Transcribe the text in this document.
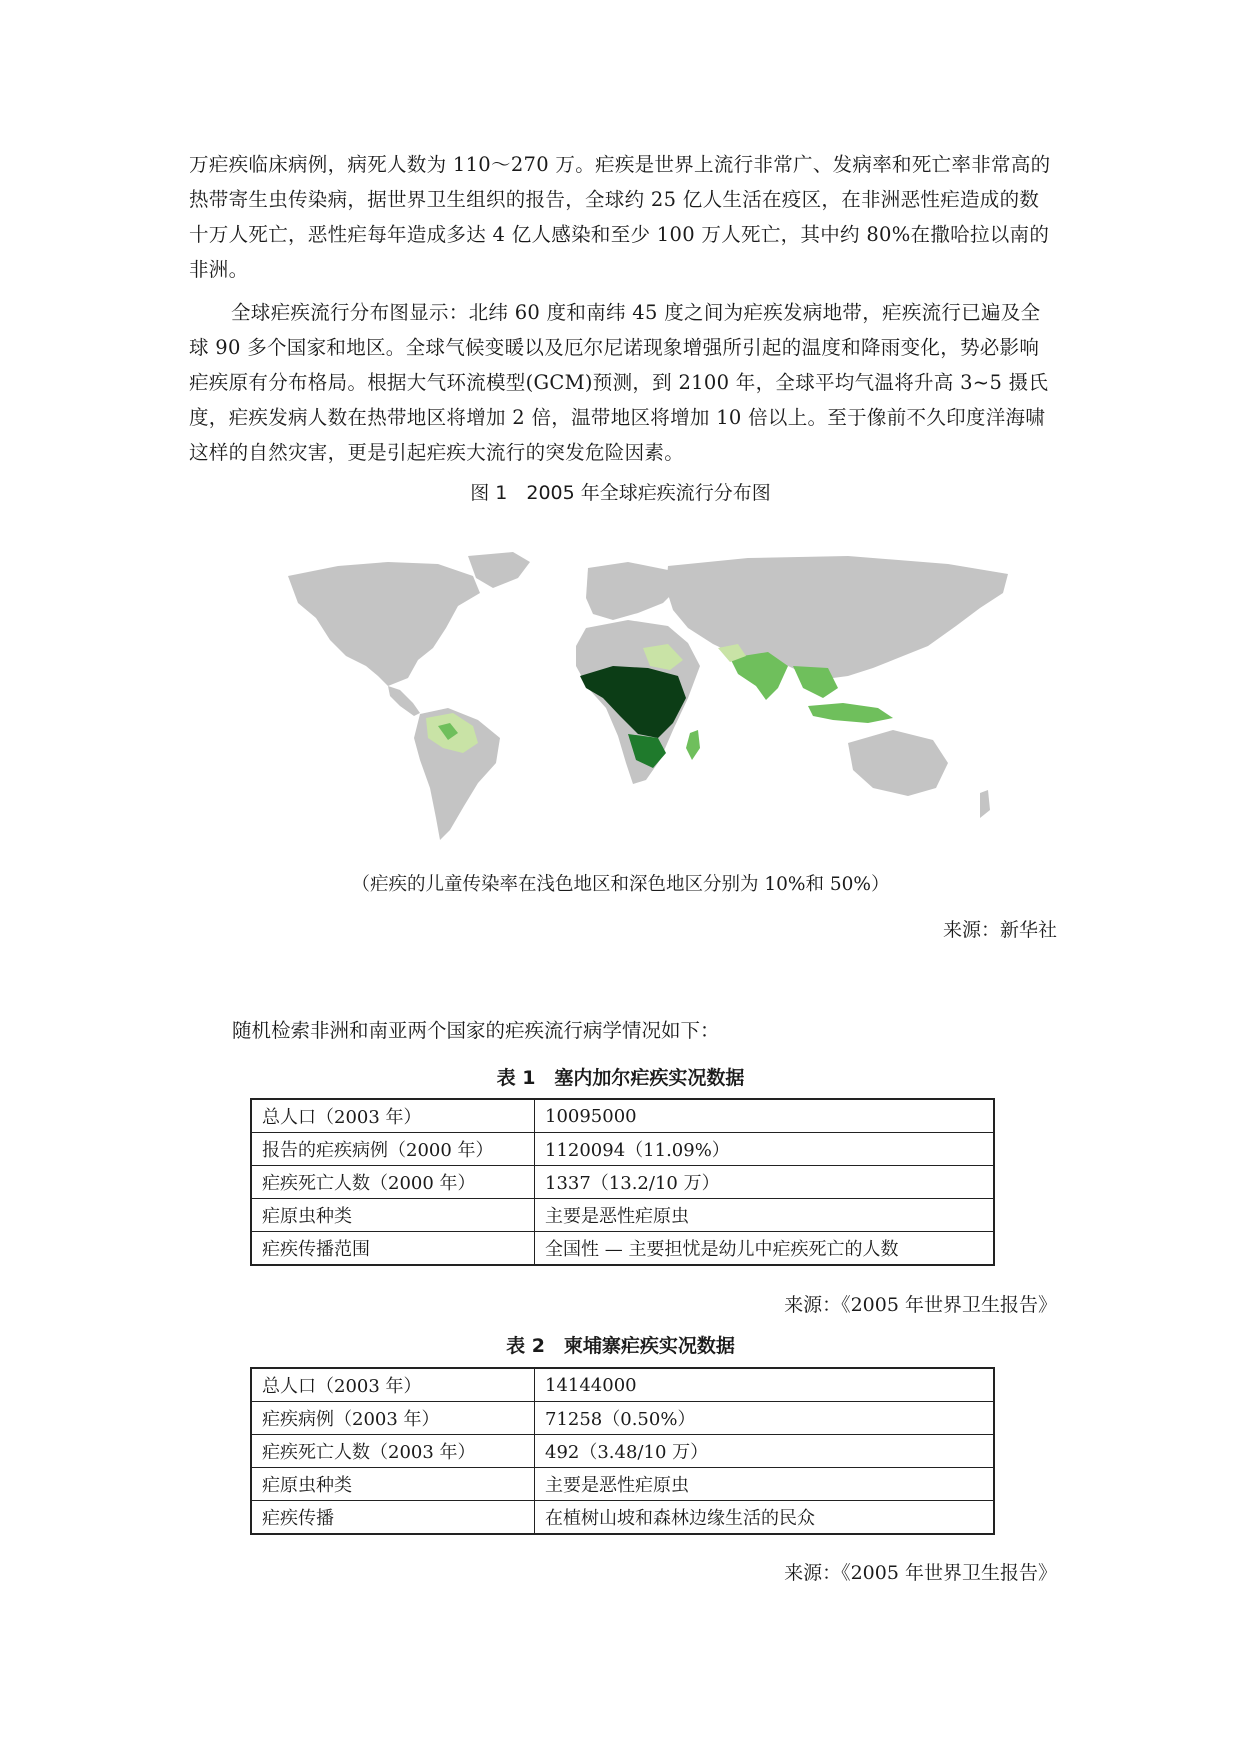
万疟疾临床病例，病死人数为 110～270 万。疟疾是世界上流行非常广、发病率和死亡率非常高的热带寄生虫传染病，据世界卫生组织的报告，全球约 25 亿人生活在疫区，在非洲恶性疟造成的数十万人死亡，恶性疟每年造成多达 4 亿人感染和至少 100 万人死亡，其中约 80%在撒哈拉以南的非洲。

全球疟疾流行分布图显示：北纬 60 度和南纬 45 度之间为疟疾发病地带，疟疾流行已遍及全球 90 多个国家和地区。全球气候变暖以及厄尔尼诺现象增强所引起的温度和降雨变化，势必影响疟疾原有分布格局。根据大气环流模型(GCM)预测，到 2100 年，全球平均气温将升高 3~5 摄氏度，疟疾发病人数在热带地区将增加 2 倍，温带地区将增加 10 倍以上。至于像前不久印度洋海啸这样的自然灾害，更是引起疟疾大流行的突发危险因素。

图 1　2005 年全球疟疾流行分布图
（疟疾的儿童传染率在浅色地区和深色地区分别为 10%和 50%）
来源：新华社
随机检索非洲和南亚两个国家的疟疾流行病学情况如下：
表 1　塞内加尔疟疾实况数据
总人口（2003 年）	10095000
报告的疟疾病例（2000 年）	1120094（11.09%）
疟疾死亡人数（2000 年）	1337（13.2/10 万）
疟原虫种类	主要是恶性疟原虫
疟疾传播范围	全国性 — 主要担忧是幼儿中疟疾死亡的人数
来源：《2005 年世界卫生报告》
表 2　柬埔寨疟疾实况数据
总人口（2003 年）	14144000
疟疾病例（2003 年）	71258（0.50%）
疟疾死亡人数（2003 年）	492（3.48/10 万）
疟原虫种类	主要是恶性疟原虫
疟疾传播	在植树山坡和森林边缘生活的民众
来源：《2005 年世界卫生报告》
